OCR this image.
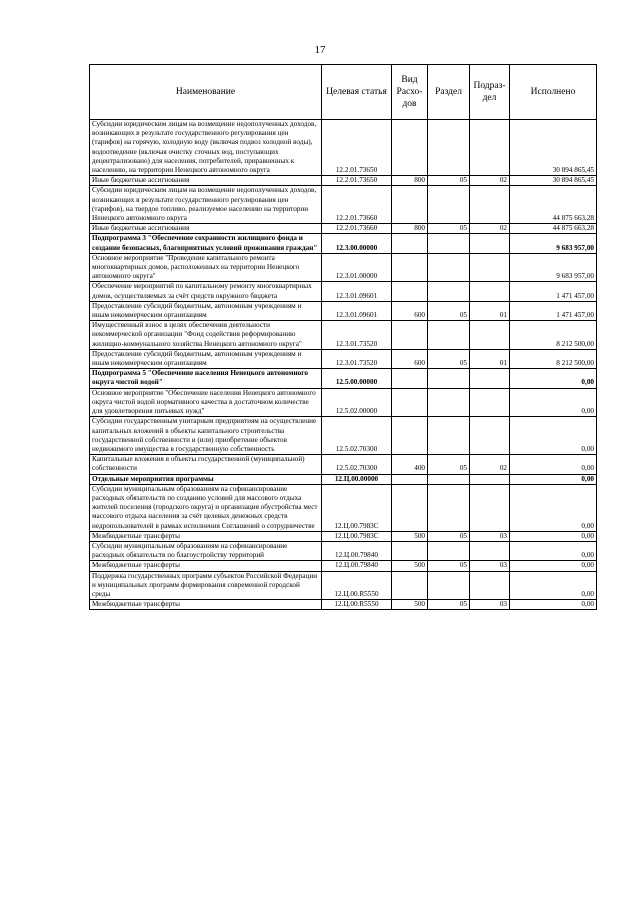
17
Наименование	Целевая статья	Вид Расхо-дов	Раздел	Подраз-дел	Исполнено
Субсидии юридическим лицам на возмещение недополученных доходов, возникающих в результате государственного регулирования цен (тарифов) на горячую, холодную воду (включая подвоз холодной воды), водоотведение (включая очистку сточных вод, поступающих децентрализовано) для населения, потребителей, приравненных к населению, на территории Ненецкого автономного округа	12.2.01.73650				30 894 865,45
Иные бюджетные ассигнования	12.2.01.73650	800	05	02	30 894 865,45
Субсидии юридическим лицам на возмещение недополученных доходов, возникающих в результате государственного регулирования цен (тарифов), на твердое топливо, реализуемое населению на территории Ненецкого автономного округа	12.2.01.73660				44 875 663,28
Иные бюджетные ассигнования	12.2.01.73660	800	05	02	44 875 663,28
Подпрограмма 3 "Обеспечение сохранности жилищного фонда и создание безопасных, благоприятных условий проживания граждан"	12.3.00.00000				9 683 957,00
Основное мероприятие "Проведение капитального ремонта многоквартирных домов, расположенных на территории Ненецкого автономного округа"	12.3.01.00000				9 683 957,00
Обеспечение мероприятий по капитальному ремонту многоквартирных домов, осуществляемых за счёт средств окружного бюджета	12.3.01.09601				1 471 457,00
Предоставление субсидий бюджетным, автономным учреждениям и иным некоммерческим организациям	12.3.01.09601	600	05	01	1 471 457,00
Имущественный взнос в целях обеспечения деятельности некоммерческой организации "Фонд содействия реформированию жилищно-коммунального хозяйства Ненецкого автономного округа"	12.3.01.73520				8 212 500,00
Предоставление субсидий бюджетным, автономным учреждениям и иным некоммерческим организациям	12.3.01.73520	600	05	01	8 212 500,00
Подпрограмма 5 "Обеспечение населения Ненецкого автономного округа чистой водой"	12.5.00.00000				0,00
Основное мероприятие "Обеспечение населения Ненецкого автономного округа чистой водой нормативного качества в достаточном количестве для удовлетворения питьевых нужд"	12.5.02.00000				0,00
Субсидии государственным унитарным предприятиям на осуществление капитальных вложений в объекты капитального строительства государственной собственности и (или) приобретение объектов недвижимого имущества в государственную собственность	12.5.02.70300				0,00
Капитальные вложения в объекты государственной (муниципальной) собственности	12.5.02.70300	400	05	02	0,00
Отдельные мероприятия программы	12.Ц.00.00000				0,00
Субсидии муниципальным образованиям на софинансирование расходных обязательств по созданию условий для массового отдыха жителей поселения (городского округа) и организация обустройства мест массового отдыха населения за счёт целевых денежных средств недропользователей в рамках исполнения Соглашений о сотрудничестве	12.Ц.00.7983С				0,00
Межбюджетные трансферты	12.Ц.00.7983С	500	05	03	0,00
Субсидии муниципальным образованиям на софинансирование расходных обязательств по благоустройству территорий	12.Ц.00.79840				0,00
Межбюджетные трансферты	12.Ц.00.79840	500	05	03	0,00
Поддержка государственных программ субъектов Российской Федерации и муниципальных программ формирования современной городской среды	12.Ц.00.R5550				0,00
Межбюджетные трансферты	12.Ц.00.R5550	500	05	03	0,00
